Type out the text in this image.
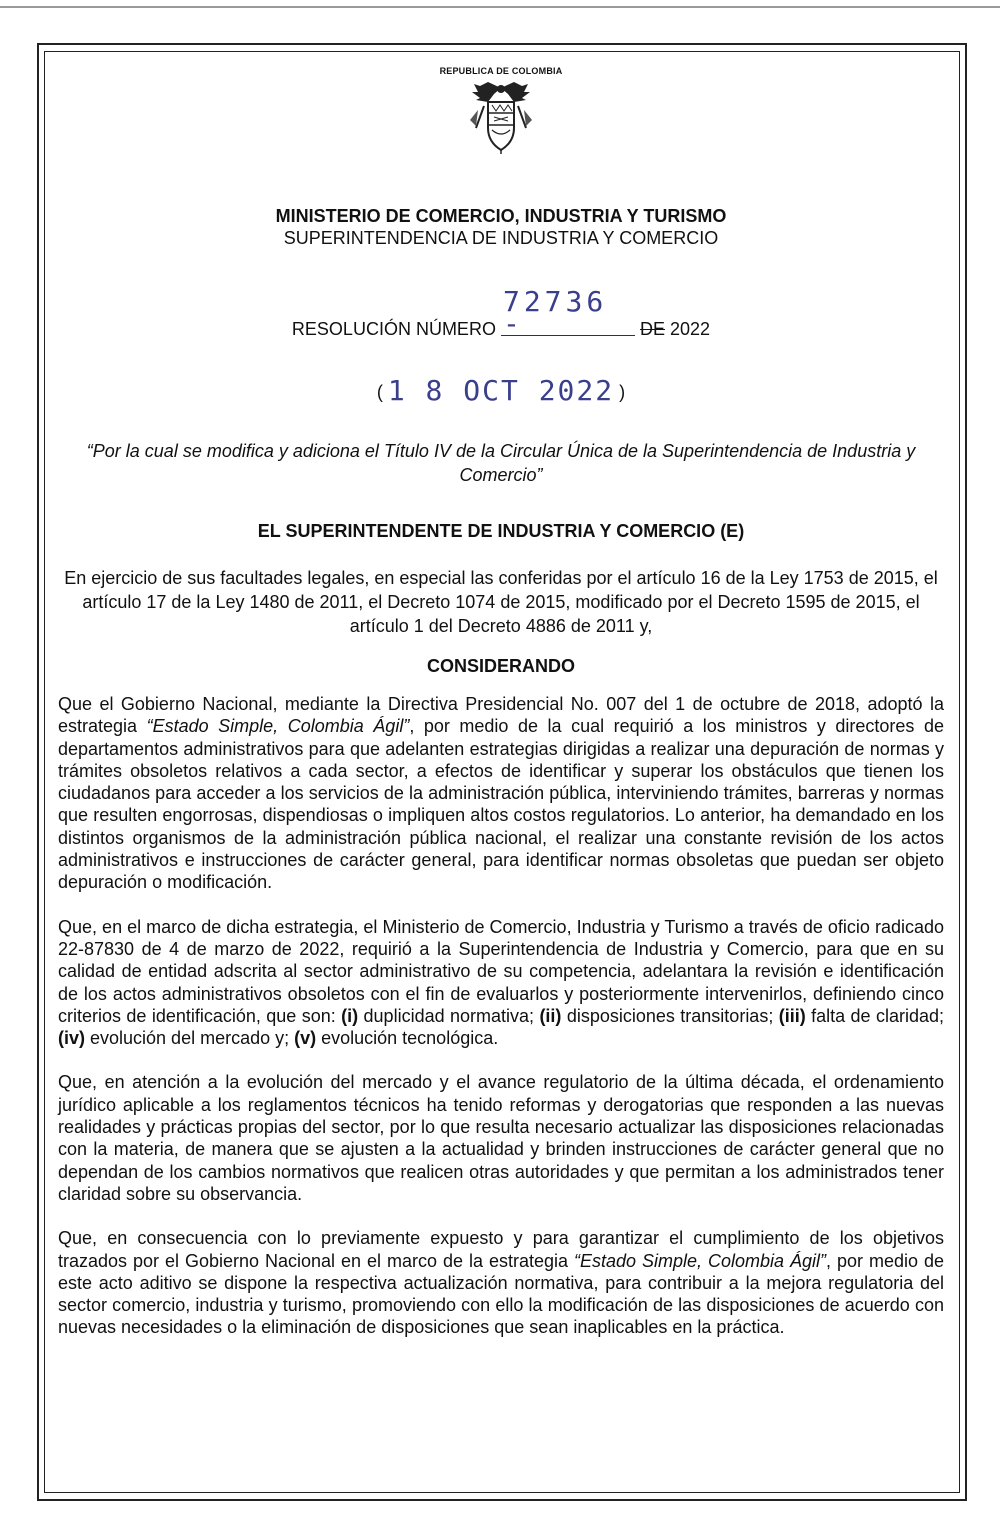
REPUBLICA DE COLOMBIA
MINISTERIO DE COMERCIO, INDUSTRIA Y TURISMO
SUPERINTENDENCIA DE INDUSTRIA Y COMERCIO
RESOLUCIÓN NÚMERO 72736 -	DE 2022
( 1 8 OCT 2022 )
“Por la cual se modifica y adiciona el Título IV de la Circular Única de la Superintendencia de Industria y Comercio”
EL SUPERINTENDENTE DE INDUSTRIA Y COMERCIO (E)
En ejercicio de sus facultades legales, en especial las conferidas por el artículo 16 de la Ley 1753 de 2015, el artículo 17 de la Ley 1480 de 2011, el Decreto 1074 de 2015, modificado por el Decreto 1595 de 2015, el artículo 1 del Decreto 4886 de 2011 y,
CONSIDERANDO

Que el Gobierno Nacional, mediante la Directiva Presidencial No. 007 del 1 de octubre de 2018, adoptó la estrategia “Estado Simple, Colombia Ágil”, por medio de la cual requirió a los ministros y directores de departamentos administrativos para que adelanten estrategias dirigidas a realizar una depuración de normas y trámites obsoletos relativos a cada sector, a efectos de identificar y superar los obstáculos que tienen los ciudadanos para acceder a los servicios de la administración pública, interviniendo trámites, barreras y normas que resulten engorrosas, dispendiosas o impliquen altos costos regulatorios. Lo anterior, ha demandado en los distintos organismos de la administración pública nacional, el realizar una constante revisión de los actos administrativos e instrucciones de carácter general, para identificar normas obsoletas que puedan ser objeto depuración o modificación.

Que, en el marco de dicha estrategia, el Ministerio de Comercio, Industria y Turismo a través de oficio radicado 22-87830 de 4 de marzo de 2022, requirió a la Superintendencia de Industria y Comercio, para que en su calidad de entidad adscrita al sector administrativo de su competencia, adelantara la revisión e identificación de los actos administrativos obsoletos con el fin de evaluarlos y posteriormente intervenirlos, definiendo cinco criterios de identificación, que son: (i) duplicidad normativa; (ii) disposiciones transitorias; (iii) falta de claridad; (iv) evolución del mercado y; (v) evolución tecnológica.

Que, en atención a la evolución del mercado y el avance regulatorio de la última década, el ordenamiento jurídico aplicable a los reglamentos técnicos ha tenido reformas y derogatorias que responden a las nuevas realidades y prácticas propias del sector, por lo que resulta necesario actualizar las disposiciones relacionadas con la materia, de manera que se ajusten a la actualidad y brinden instrucciones de carácter general que no dependan de los cambios normativos que realicen otras autoridades y que permitan a los administrados tener claridad sobre su observancia.

Que, en consecuencia con lo previamente expuesto y para garantizar el cumplimiento de los objetivos trazados por el Gobierno Nacional en el marco de la estrategia “Estado Simple, Colombia Ágil”, por medio de este acto aditivo se dispone la respectiva actualización normativa, para contribuir a la mejora regulatoria del sector comercio, industria y turismo, promoviendo con ello la modificación de las disposiciones de acuerdo con nuevas necesidades o la eliminación de disposiciones que sean inaplicables en la práctica.
